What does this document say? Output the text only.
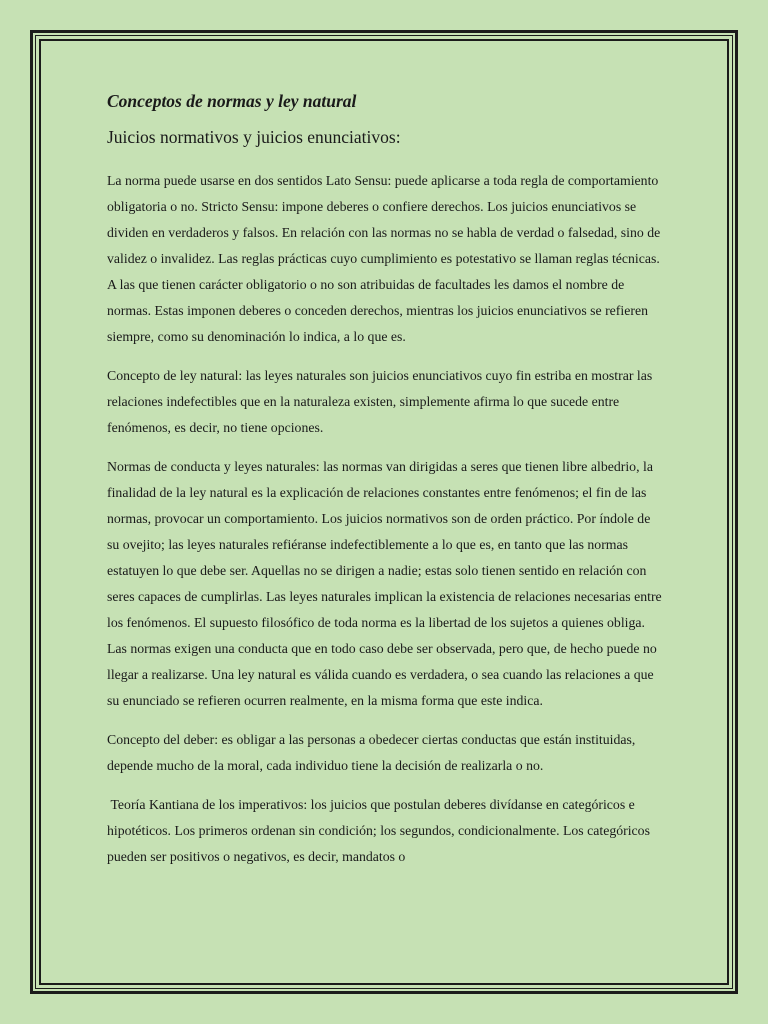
Conceptos de normas y ley natural
Juicios normativos y juicios enunciativos:

La norma puede usarse en dos sentidos Lato Sensu: puede aplicarse a toda regla de comportamiento obligatoria o no. Stricto Sensu: impone deberes o confiere derechos. Los juicios enunciativos se dividen en verdaderos y falsos. En relación con las normas no se habla de verdad o falsedad, sino de validez o invalidez. Las reglas prácticas cuyo cumplimiento es potestativo se llaman reglas técnicas. A las que tienen carácter obligatorio o no son atribuidas de facultades les damos el nombre de normas. Estas imponen deberes o conceden derechos, mientras los juicios enunciativos se refieren siempre, como su denominación lo indica, a lo que es.

Concepto de ley natural: las leyes naturales son juicios enunciativos cuyo fin estriba en mostrar las relaciones indefectibles que en la naturaleza existen, simplemente afirma lo que sucede entre fenómenos, es decir, no tiene opciones.

Normas de conducta y leyes naturales: las normas van dirigidas a seres que tienen libre albedrio, la finalidad de la ley natural es la explicación de relaciones constantes entre fenómenos; el fin de las normas, provocar un comportamiento. Los juicios normativos son de orden práctico. Por índole de su ovejito; las leyes naturales refiéranse indefectiblemente a lo que es, en tanto que las normas estatuyen lo que debe ser. Aquellas no se dirigen a nadie; estas solo tienen sentido en relación con seres capaces de cumplirlas. Las leyes naturales implican la existencia de relaciones necesarias entre los fenómenos. El supuesto filosófico de toda norma es la libertad de los sujetos a quienes obliga. Las normas exigen una conducta que en todo caso debe ser observada, pero que, de hecho puede no llegar a realizarse. Una ley natural es válida cuando es verdadera, o sea cuando las relaciones a que su enunciado se refieren ocurren realmente, en la misma forma que este indica.

Concepto del deber: es obligar a las personas a obedecer ciertas conductas que están instituidas, depende mucho de la moral, cada individuo tiene la decisión de realizarla o no.

Teoría Kantiana de los imperativos: los juicios que postulan deberes divídanse en categóricos e hipotéticos. Los primeros ordenan sin condición; los segundos, condicionalmente. Los categóricos pueden ser positivos o negativos, es decir, mandatos o
